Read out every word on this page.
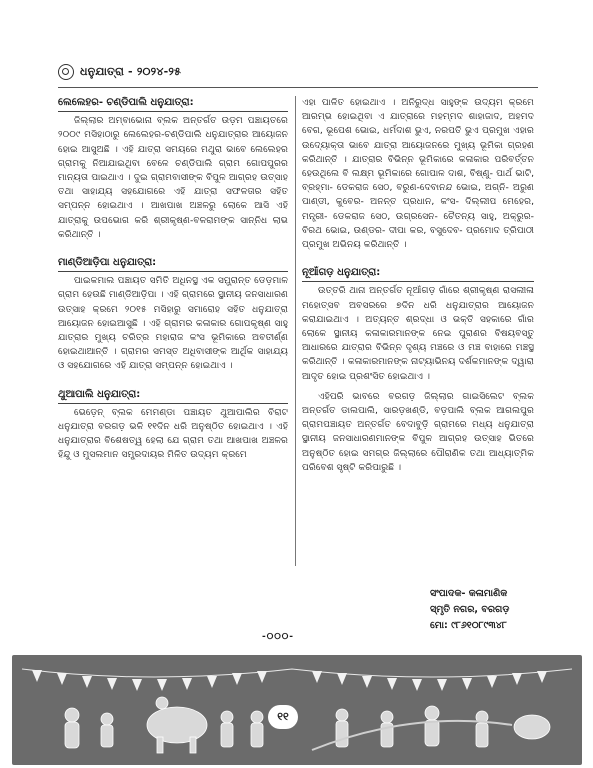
ଧନୁଯାତ୍ରା - ୨୦୨୪-୨୫
ଲେଲେହର- ଚଣ୍ଡିପାଲି ଧନୁଯାତ୍ରା:

ଜିଲ୍ଲାର ଅମ୍ବାଭୋନା ବ୍ଲକ ଅନ୍ତର୍ଗତ ଉଡ଼ମ ପଞ୍ଚାୟତରେ ୨୦୦୯ ମସିହାଠାରୁ ଲେଲେହର-ଚଣ୍ଡିପାଲି ଧନୁଯାତ୍ରାର ଆୟୋଜନ ହୋଇ ଆସୁଅଛି । ଏହି ଯାତ୍ରା ସମୟରେ ମଥୁରା ଭାବେ ଲେଲେହର ଗ୍ରାମକୁ ନିଆଯାଇଥିବା ବେଳେ ଚଣ୍ଡିପାଲି ଗ୍ରାମ ଗୋପପୁରର ମାନ୍ୟତା ପାଇଥାଏ । ଦୁଇ ଗ୍ରାମବାସୀଙ୍କ ବିପୁଳ ଆଗ୍ରହ ଉତ୍ସାହ ତଥା ସାହାଯ୍ୟ ସହଯୋଗରେ ଏହି ଯାତ୍ରା ସଫଳତାର ସହିତ ସମ୍ପନ୍ନ ହୋଇଥାଏ । ଆଖପାଖ ଅଞ୍ଚଳରୁ ଲୋକେ ଆସି ଏହି ଯାତ୍ରାକୁ ଉପଭୋଗ କରି ଶ୍ରୀକୃଷ୍ଣ-ବଳରାମଙ୍କ ସାନ୍ନିଧ ଲାଭ କରିଥାନ୍ତି ।

ମାଣ୍ଡିଆଡ଼ିପା ଧନୁଯାତ୍ରା:

ପାଇକମାଲ ପଞ୍ଚାୟତ ସମିତି ଅଧିନସ୍ଥ ଏକ ସମ୍ଭ୍ରାନ୍ତ ଡେଡ଼ମାଳ ଗ୍ରାମ ହେଉଛି ମାଣ୍ଡିଆଡ଼ିପା । ଏହି ଗ୍ରାମରେ ସ୍ଥାନୀୟ ଜନସାଧାରଣ ଉତ୍ସାହ କ୍ରମେ ୨୦୧୫ ମସିହାରୁ ସମାରୋହ ସହିତ ଧନୁଯାତ୍ରା ଆୟୋଜନ ହୋଇଆସୁଛି । ଏହି ଗ୍ରାମର କଳାକାର ଗୋପକୃଷ୍ଣ ସାହୁ ଯାତ୍ରାର ମୁଖ୍ୟ ଚରିତ୍ର ମହାରାଜ କଂସ ଭୂମିକାରେ ଅବତୀର୍ଣ୍ଣ ହୋଇଥାଆନ୍ତି । ଗ୍ରାମର ସମସ୍ତ ଅଧିବାସୀଙ୍କ ଆର୍ଥିକ ସାହାଯ୍ୟ ଓ ସହଯୋଗରେ ଏହି ଯାତ୍ରା ସମ୍ପନ୍ନ ହୋଇଥାଏ ।

ଥୁଆପାଲି ଧନୁଯାତ୍ରା:

ଭେଡ଼େନ୍ ବ୍ଲକ ମେମଣ୍ଡା ପଞ୍ଚାୟତ ଥୁଆପାଲିର ବିରାଟ ଧନୁଯାତ୍ରା ବରଗଡ଼ ଭଳି ୧୧ଦିନ ଧରି ଅନୁଷ୍ଠିତ ହୋଇଥାଏ । ଏହି ଧନୁଯାତ୍ରାର ବିଶେଷତ୍ୱ ହେଲା ଯେ ଗ୍ରାମ ତଥା ଆଖପାଖ ଅଞ୍ଚଳର ହିନ୍ଦୁ ଓ ମୁସଲମାନ ସମ୍ପ୍ରଦାୟର ମିଳିତ ଉଦ୍ୟମ କ୍ରମେ

ଏହା ପାଳିତ ହୋଇଥାଏ । ଅନିରୁଦ୍ଧ ସାହୁଙ୍କ ଉଦ୍ୟମ କ୍ରମେ ଆରମ୍ଭ ହୋଇଥିବା ଏ ଯାତ୍ରାରେ ମହମ୍ମଦ ଶାହାଜାଦ, ଅହମଦ ବେଗ, ଭୂପେଶ ଭୋଇ, ଧର୍ମଦାଶ ଭୁଏ, ନରପତି ଭୁଏ ପ୍ରମୁଖ ଏହାର ଉଦ୍ୟୋକ୍ତା ଭାବେ ଯାତ୍ରା ଆୟୋଜନରେ ମୁଖ୍ୟ ଭୂମିକା ଗ୍ରହଣ କରିଥାନ୍ତି । ଯାତ୍ରାର ବିଭିନ୍ନ ଭୂମିକାରେ କଳାକାର ପରିବର୍ତ୍ତନ ହେଉଥିଲେ ବି ଲକ୍ଷ୍ମ ଭୂମିକାରେ ଗୋପାଳ ଦାଶ, ବିଷ୍ଣୁ- ପାର୍ଥ ଭାଟି, ବ୍ରହ୍ମା- ଡେକରାଜ ସେଠ, ବରୁଣ-ଦେବାନନ୍ଦ ଭୋଇ, ଅଗ୍ନି- ଅରୁଣ ପାଣ୍ଡୀ, କୁବେର- ଅନନ୍ତ ପ୍ରଧାନ, କଂସ- ଦିଲ୍ଲୀପ ମେହେର, ମନ୍ତ୍ରୀ- ଡେକରାଜ ସେଠ, ଉଗ୍ରସେନ- ଚୈତନ୍ୟ ସାହୁ, ଅକ୍ରୁର- ବିରଥ ଭୋଇ, ଉଣ୍ଡର- ଦୀପା କର, ବସୁଦେବ- ପ୍ରମୋଦ ତ୍ରିପାଠୀ ପ୍ରମୁଖ ଅଭିନୟ କରିଥାନ୍ତି ।

ନୂଆଁଗଡ଼ ଧନୁଯାତ୍ରା:

ଉତ୍ତରି ଥାନା ଅନ୍ତର୍ଗତ ନୂଆଁଗଡ଼ ଗାଁରେ ଶ୍ରୀକୃଷ୍ଣ ରାସଲୀଳା ମହୋତ୍ସବ ଅବସରରେ ୭ଦିନ ଧରି ଧନୁଯାତ୍ରାର ଆୟୋଜନ କରାଯାଇଥାଏ । ଅତ୍ୟନ୍ତ ଶ୍ରଦ୍ଧା ଓ ଭକ୍ତି ସହକାରେ ଗାଁର ଲୋକେ ସ୍ଥାନୀୟ କଳାକାରମାନଙ୍କ ନେଇ ପୁରାଣର ବିଷୟବସ୍ତୁ ଆଧାରରେ ଯାତ୍ରାର ବିଭିନ୍ନ ଦୃଶ୍ୟ ମଞ୍ଚରେ ଓ ମଞ୍ଚ ବାହାରେ ମଞ୍ଚସ୍ଥ କରିଥାନ୍ତି । କଳାକାରମାନଙ୍କ ନାଟ୍ୟାଭିନୟ ଦର୍ଶକମାନଙ୍କ ଦ୍ୱାରା ଆଦୃତ ହୋଇ ପ୍ରଶଂସିତ ହୋଇଥାଏ ।

ଏହିପରି ଭାବରେ ବରଗଡ଼ ଜିଲ୍ଲାର ଗାଇସିଲେଟ ବ୍ଲକ ଅନ୍ତର୍ଗତ ଡାଲପାଲି, ସାରଡ଼ଖଣ୍ଡି, ବଡ଼ପାଲି ବ୍ଲକ ଆଗଲପୁର ଗ୍ରାମପଞ୍ଚାୟତ ଅନ୍ତର୍ଗତ ବେଦାବୁଡ଼ି ଗ୍ରାମରେ ମଧ୍ୟ ଧନୁଯାତ୍ରା ସ୍ଥାନୀୟ ଜନସାଧାରଣମାନଙ୍କ ବିପୁଳ ଆଗ୍ରହ ଉତ୍ସାହ ଭିତରେ ଅନୁଷ୍ଠିତ ହୋଇ ସମଗ୍ର ଜିଲ୍ଲାରେ ପୌରାଣିକ ତଥା ଆଧ୍ୟାତ୍ମିକ ପରିବେଶ ସୃଷ୍ଟି କରିପାରୁଛି ।

ସଂପାଦକ- କଳାମାଣିକ
ସ୍ମୃତି ନଗର, ବରଗଡ଼
ମୋ: ୯୮୬୧୦୮୯୩୪୮
-୦୦୦-
୧୧
